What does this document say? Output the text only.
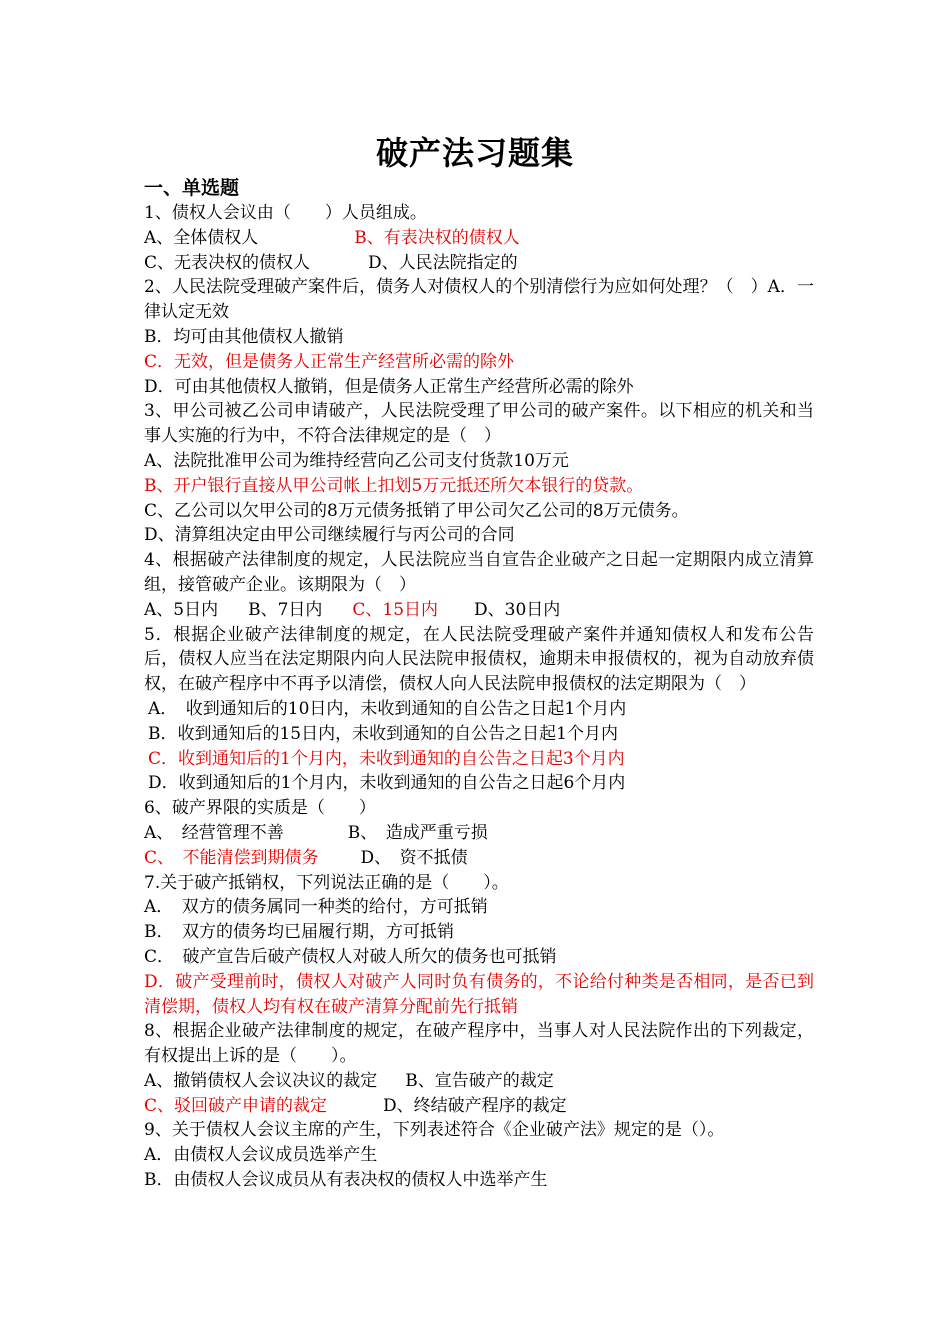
破产法习题集
一、单选题
1、债权人会议由（　　）人员组成。
A、全体债权人	B、有表决权的债权人
C、无表决权的债权人	D、人民法院指定的
2、人民法院受理破产案件后，债务人对债权人的个别清偿行为应如何处理？（　）A．一律认定无效
B．均可由其他债权人撤销
C．无效，但是债务人正常生产经营所必需的除外
D．可由其他债权人撤销，但是债务人正常生产经营所必需的除外
3、甲公司被乙公司申请破产，人民法院受理了甲公司的破产案件。以下相应的机关和当事人实施的行为中，不符合法律规定的是（　）
A、法院批准甲公司为维持经营向乙公司支付货款10万元
B、开户银行直接从甲公司帐上扣划5万元抵还所欠本银行的贷款。
C、乙公司以欠甲公司的8万元债务抵销了甲公司欠乙公司的8万元债务。
D、清算组决定由甲公司继续履行与丙公司的合同
4、根据破产法律制度的规定，人民法院应当自宣告企业破产之日起一定期限内成立清算组，接管破产企业。该期限为（　）
A、5日内 B、7日内 C、15日内 D、30日内
5．根据企业破产法律制度的规定，在人民法院受理破产案件并通知债权人和发布公告后，债权人应当在法定期限内向人民法院申报债权，逾期未申报债权的，视为自动放弃债权，在破产程序中不再予以清偿，债权人向人民法院申报债权的法定期限为（　）
A．　收到通知后的10日内，未收到通知的自公告之日起1个月内
B．收到通知后的15日内，未收到通知的自公告之日起1个月内
C．收到通知后的1个月内，未收到通知的自公告之日起3个月内
D．收到通知后的1个月内，未收到通知的自公告之日起6个月内
6、破产界限的实质是（　　）
A、　经营管理不善	B、　造成严重亏损
C、　不能清偿到期债务 D、　资不抵债
7.关于破产抵销权，下列说法正确的是（　　）。
A．　双方的债务属同一种类的给付，方可抵销
B．　双方的债务均已届履行期，方可抵销
C．　破产宣告后破产债权人对破人所欠的债务也可抵销
D．破产受理前时，债权人对破产人同时负有债务的，不论给付种类是否相同，是否已到清偿期，债权人均有权在破产清算分配前先行抵销
8、根据企业破产法律制度的规定，在破产程序中，当事人对人民法院作出的下列裁定，有权提出上诉的是（　　）。
A、撤销债权人会议决议的裁定 B、宣告破产的裁定
C、驳回破产申请的裁定	D、终结破产程序的裁定
9、关于债权人会议主席的产生，下列表述符合《企业破产法》规定的是（）。
A．由债权人会议成员选举产生
B．由债权人会议成员从有表决权的债权人中选举产生
